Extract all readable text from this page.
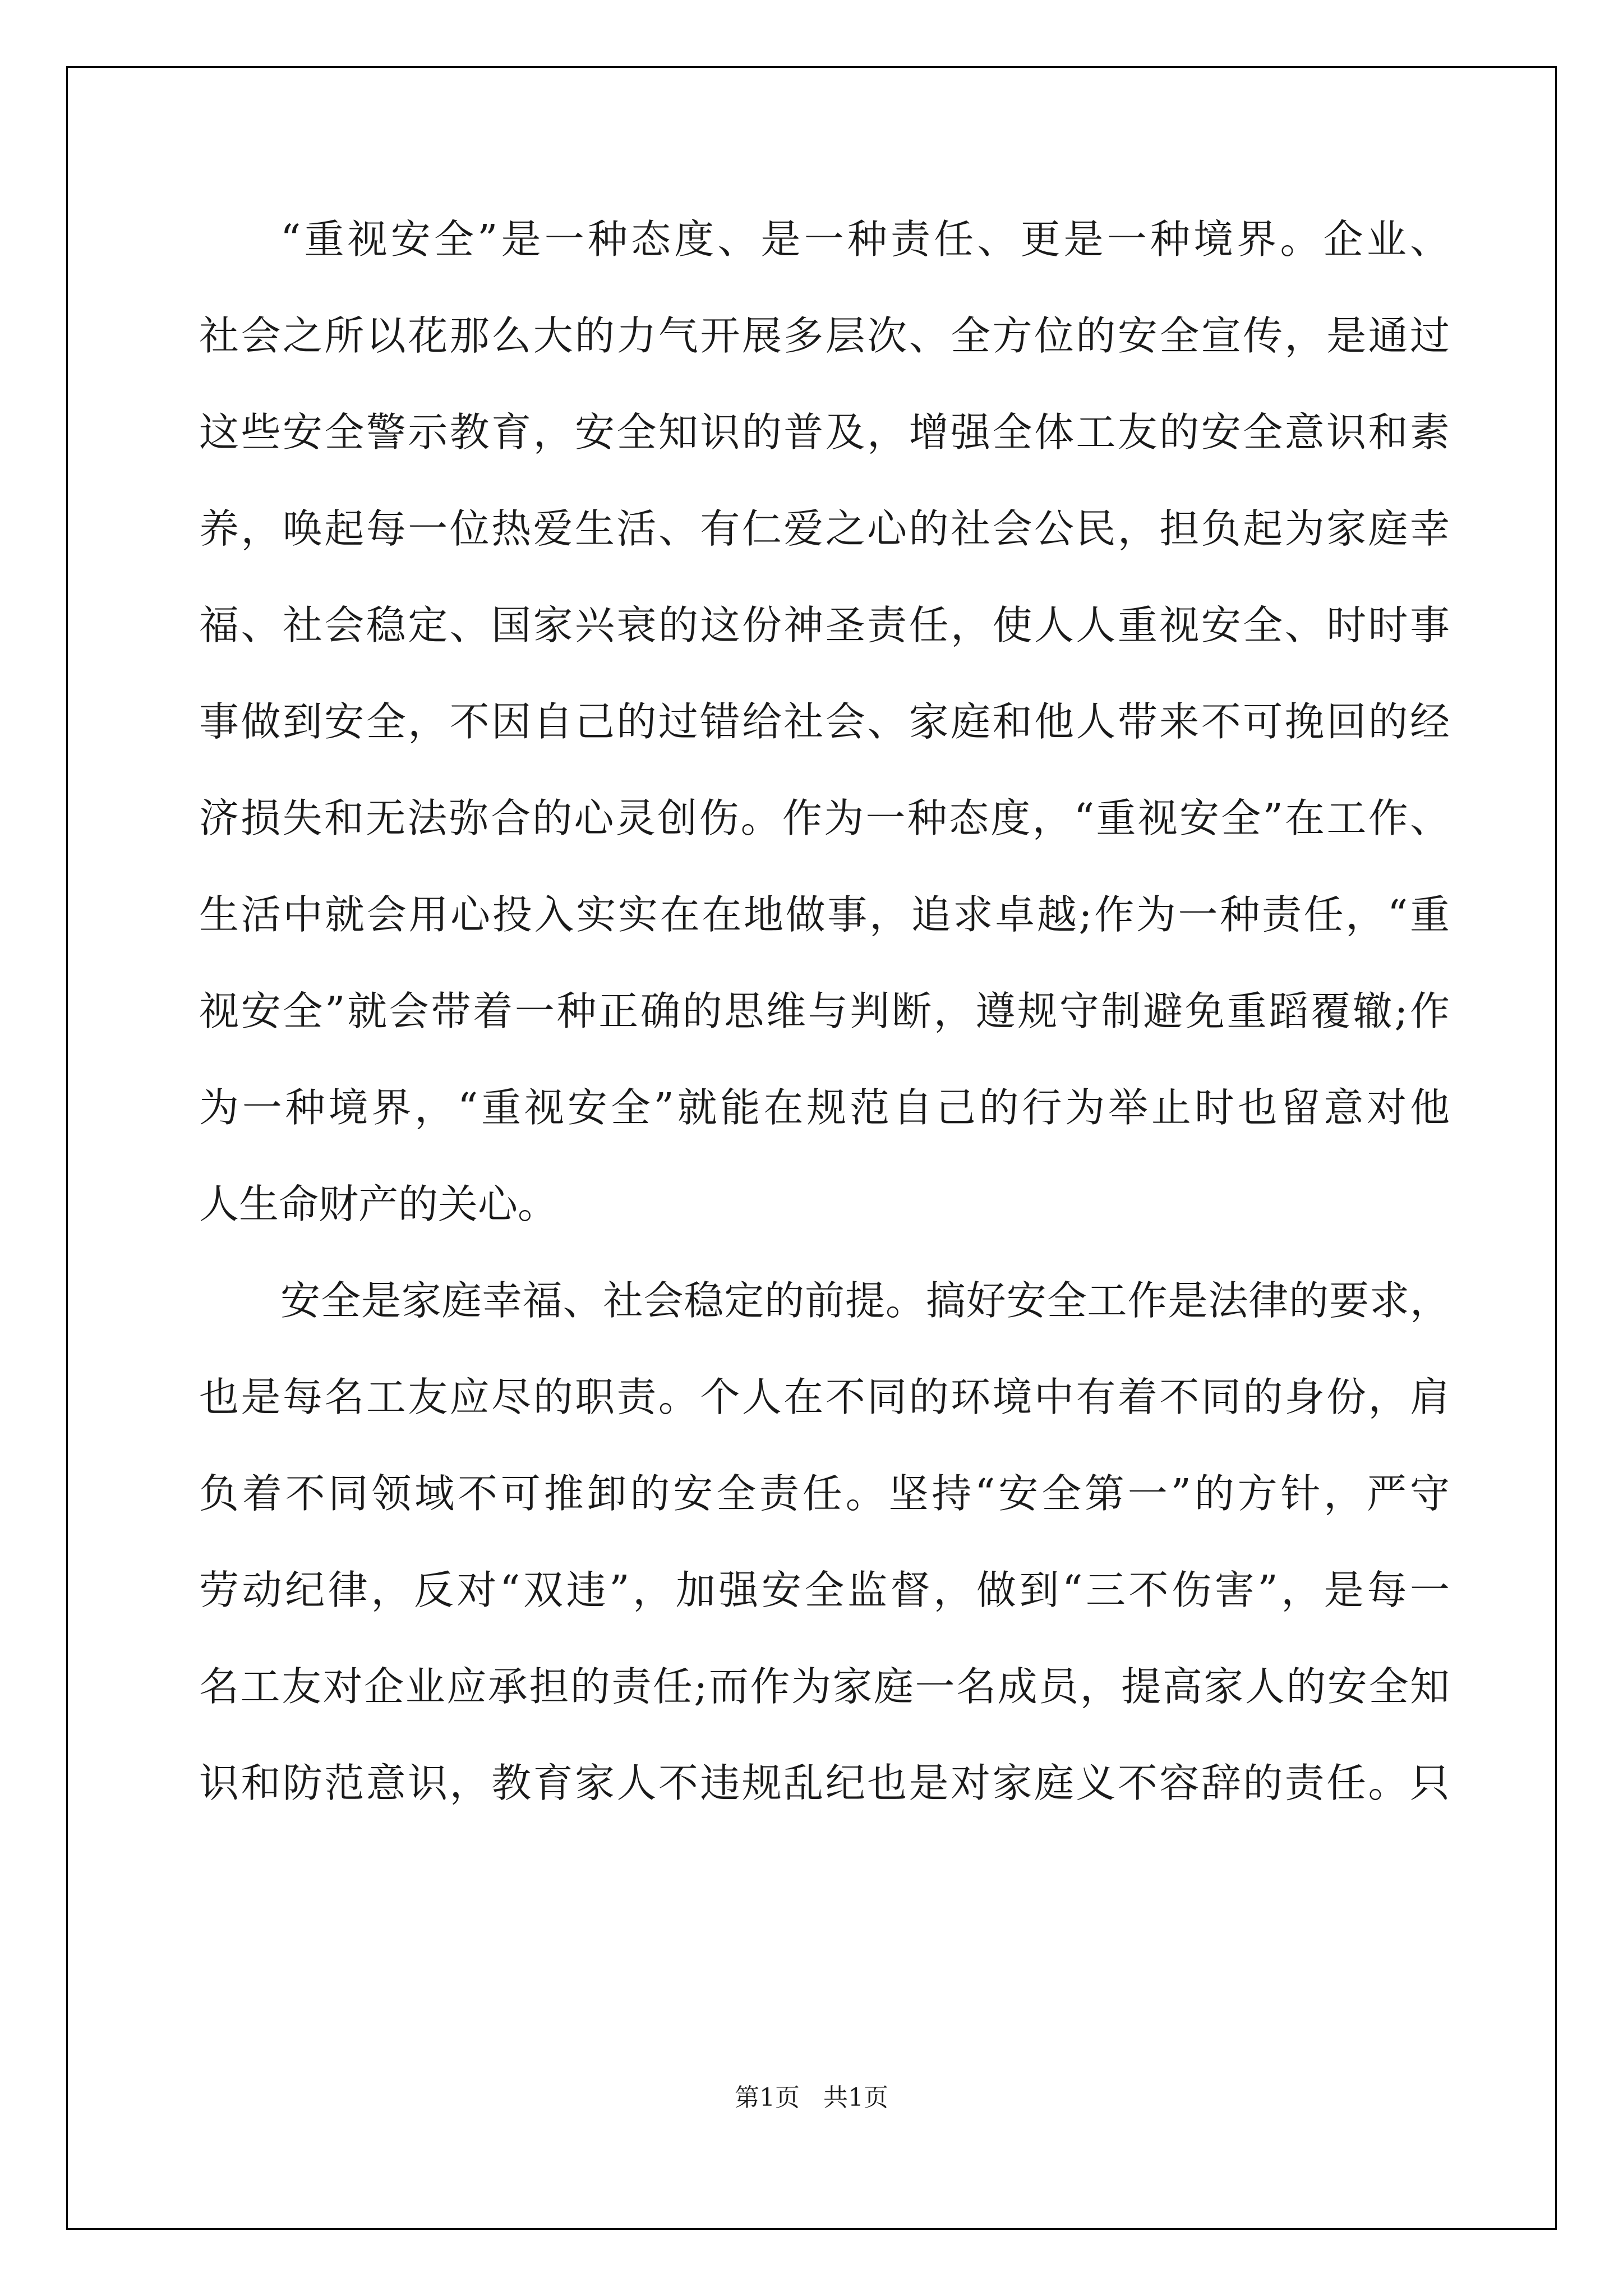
“重视安全”是一种态度、是一种责任、更是一种境界。企业、

社会之所以花那么大的力气开展多层次、全方位的安全宣传，是通过

这些安全警示教育，安全知识的普及，增强全体工友的安全意识和素

养，唤起每一位热爱生活、有仁爱之心的社会公民，担负起为家庭幸

福、社会稳定、国家兴衰的这份神圣责任，使人人重视安全、时时事

事做到安全，不因自己的过错给社会、家庭和他人带来不可挽回的经

济损失和无法弥合的心灵创伤。作为一种态度，“重视安全”在工作、

生活中就会用心投入实实在在地做事，追求卓越;作为一种责任，“重

视安全”就会带着一种正确的思维与判断，遵规守制避免重蹈覆辙;作

为一种境界，“重视安全”就能在规范自己的行为举止时也留意对他

人生命财产的关心。

安全是家庭幸福、社会稳定的前提。搞好安全工作是法律的要求，

也是每名工友应尽的职责。个人在不同的环境中有着不同的身份，肩

负着不同领域不可推卸的安全责任。坚持“安全第一”的方针，严守

劳动纪律，反对“双违”，加强安全监督，做到“三不伤害”，是每一

名工友对企业应承担的责任;而作为家庭一名成员，提高家人的安全知

识和防范意识，教育家人不违规乱纪也是对家庭义不容辞的责任。只

第1页   共1页
